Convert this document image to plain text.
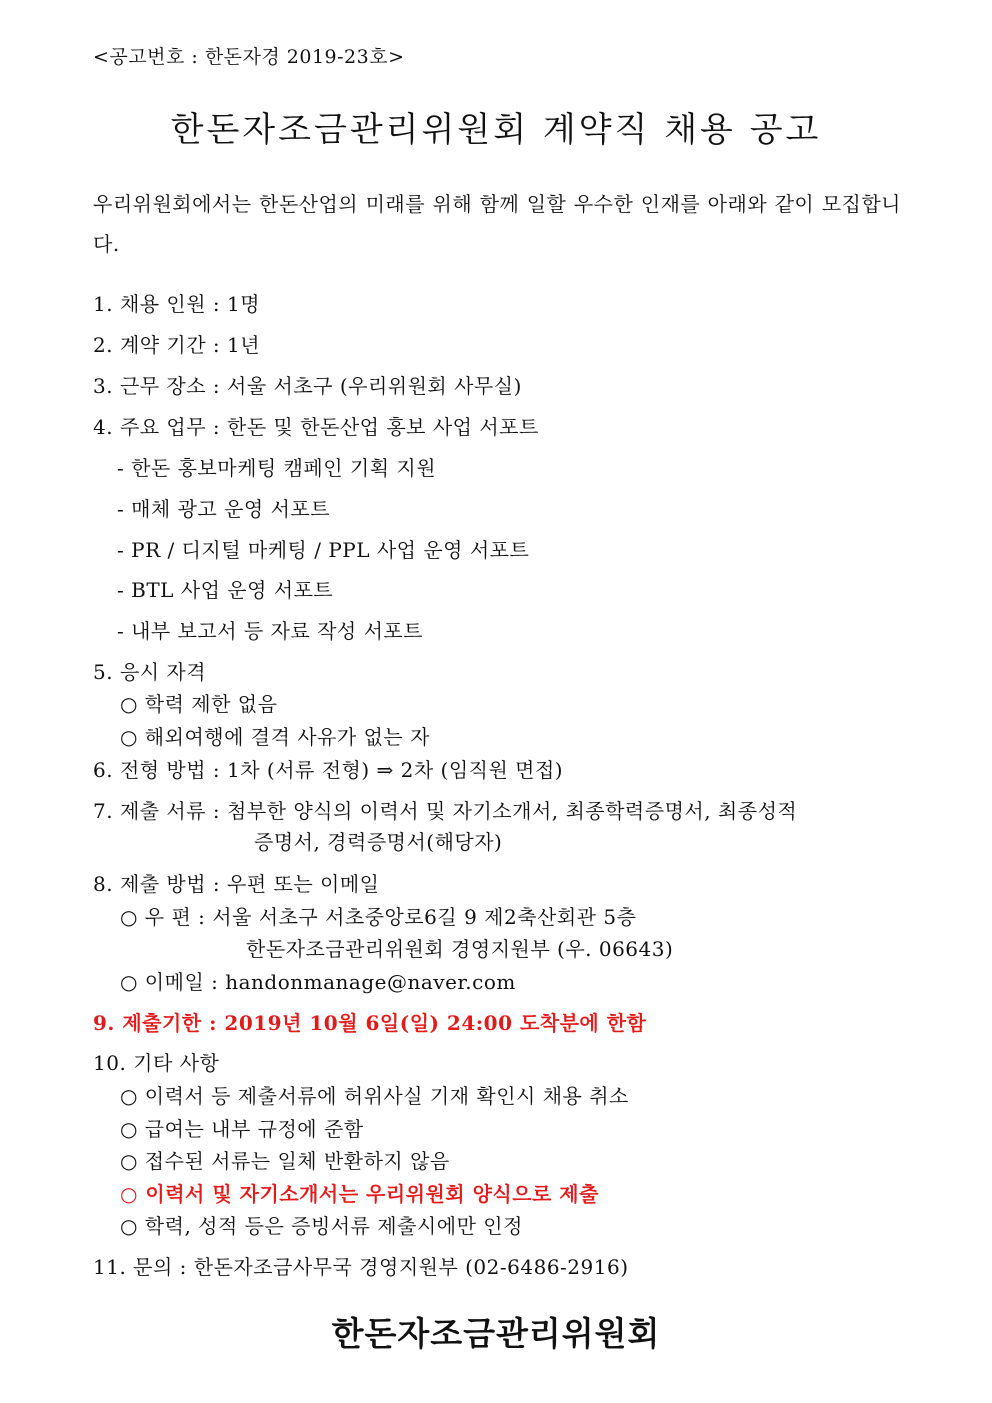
<공고번호 : 한돈자경 2019-23호>
한돈자조금관리위원회 계약직 채용 공고
우리위원회에서는 한돈산업의 미래를 위해 함께 일할 우수한 인재를 아래와 같이 모집합니다.
1. 채용 인원 : 1명
2. 계약 기간 : 1년
3. 근무 장소 : 서울 서초구 (우리위원회 사무실)
4. 주요 업무 : 한돈 및 한돈산업 홍보 사업 서포트
- 한돈 홍보마케팅 캠페인 기획 지원
- 매체 광고 운영 서포트
- PR / 디지털 마케팅 / PPL 사업 운영 서포트
- BTL 사업 운영 서포트
- 내부 보고서 등 자료 작성 서포트
5. 응시 자격
○ 학력 제한 없음
○ 해외여행에 결격 사유가 없는 자
6. 전형 방법 : 1차 (서류 전형) ⇒ 2차 (임직원 면접)
7. 제출 서류 : 첨부한 양식의 이력서 및 자기소개서, 최종학력증명서, 최종성적
증명서, 경력증명서(해당자)
8. 제출 방법 : 우편 또는 이메일
○ 우 편 : 서울 서초구 서초중앙로6길 9 제2축산회관 5층
한돈자조금관리위원회 경영지원부 (우. 06643)
○ 이메일 : handonmanage@naver.com
9. 제출기한 : 2019년 10월 6일(일) 24:00 도착분에 한함
10. 기타 사항
○ 이력서 등 제출서류에 허위사실 기재 확인시 채용 취소
○ 급여는 내부 규정에 준함
○ 접수된 서류는 일체 반환하지 않음
○ 이력서 및 자기소개서는 우리위원회 양식으로 제출
○ 학력, 성적 등은 증빙서류 제출시에만 인정
11. 문의 : 한돈자조금사무국 경영지원부 (02-6486-2916)
한돈자조금관리위원회
